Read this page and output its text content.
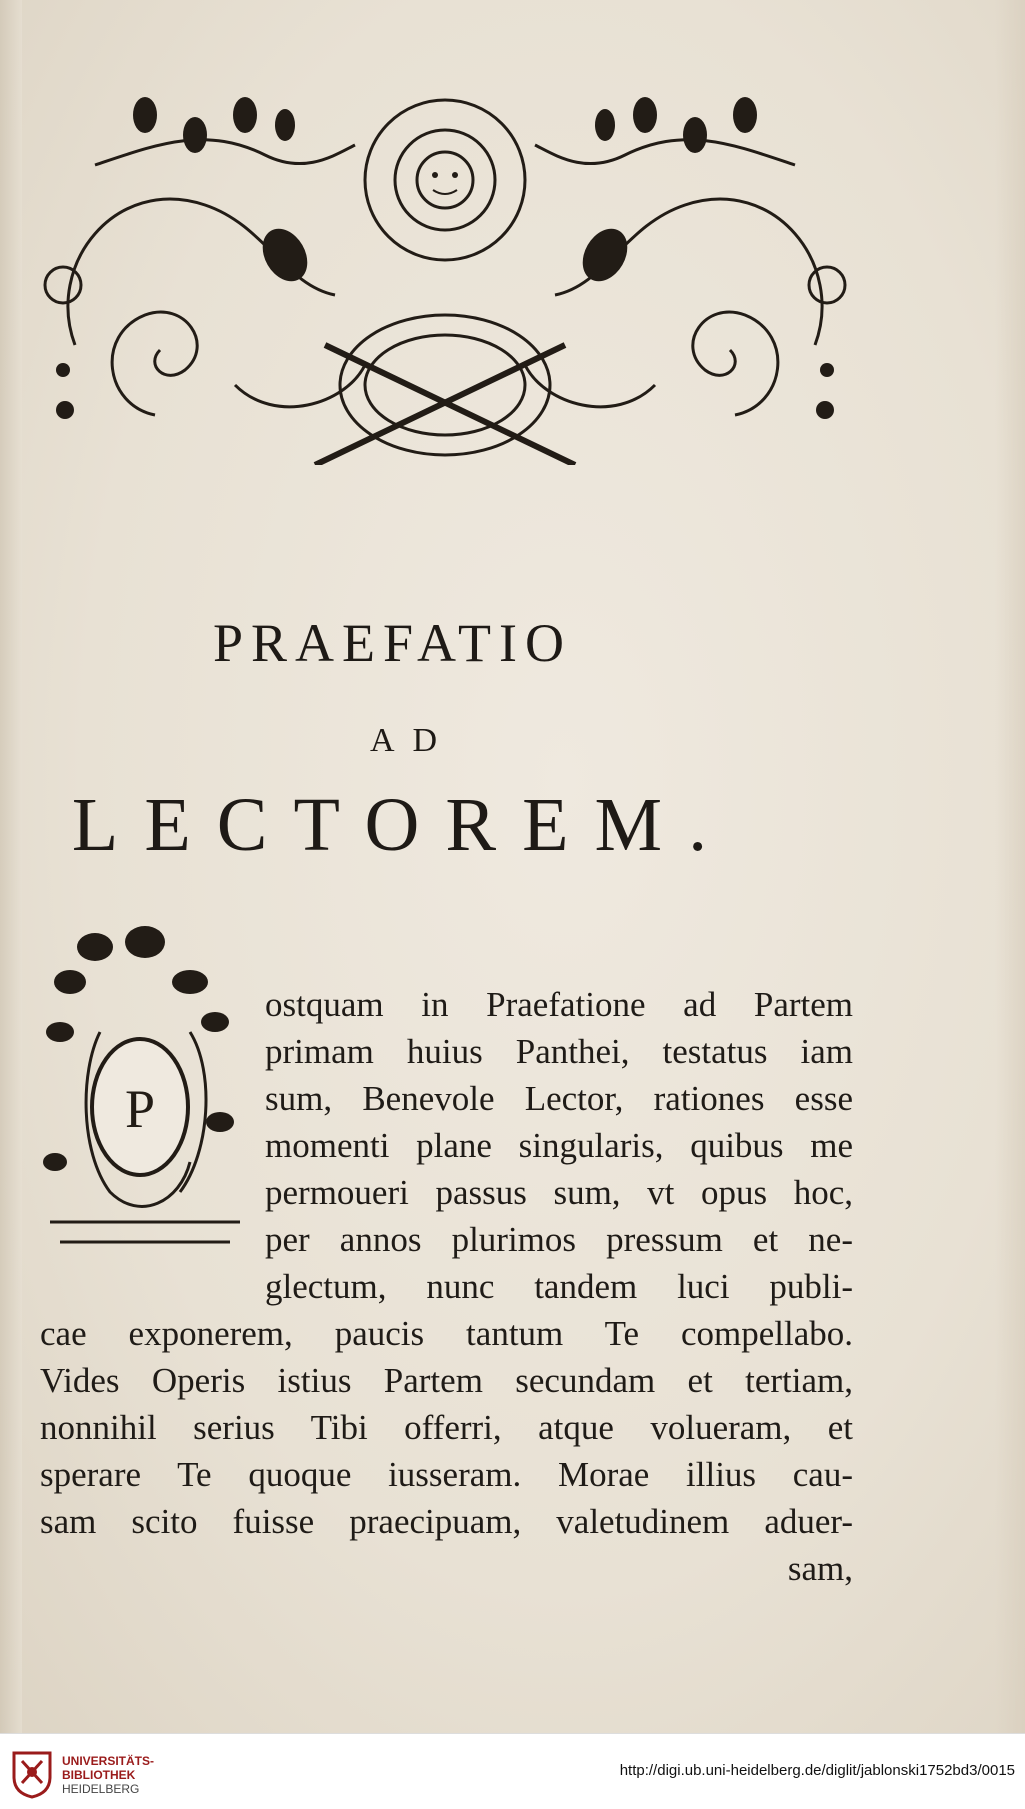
PRAEFATIO
AD
LECTOREM.
P
ostquam in Praefatione ad Partem
primam huius Panthei, testatus iam
sum, Benevole Lector, rationes esse
momenti plane singularis, quibus me
permoueri passus sum, vt opus hoc,
per annos plurimos pressum et ne-
glectum, nunc tandem luci publi-
cae exponerem, paucis tantum Te compellabo.
Vides Operis istius Partem secundam et tertiam,
nonnihil serius Tibi offerri, atque volueram, et
sperare Te quoque iusseram. Morae illius cau-
sam scito fuisse praecipuam, valetudinem aduer-
sam,
UNIVERSITÄTS-
BIBLIOTHEK
HEIDELBERG
http://digi.ub.uni-heidelberg.de/diglit/jablonski1752bd3/0015
